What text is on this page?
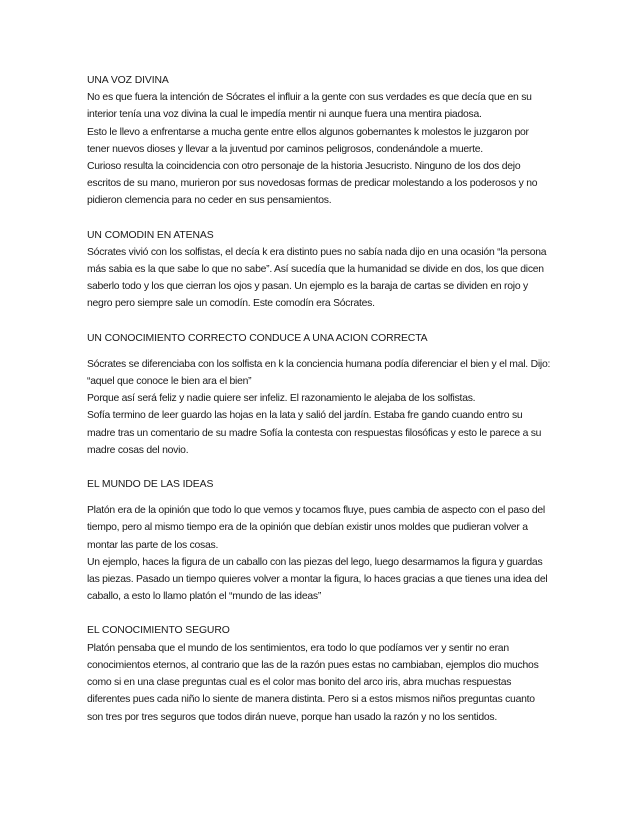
UNA VOZ DIVINA

No es que fuera la intención de Sócrates el influir a la gente con sus verdades es que decía que en su interior tenía una voz divina la cual le impedía mentir ni aunque fuera una mentira piadosa.

Esto le llevo a enfrentarse a mucha gente entre ellos algunos gobernantes k molestos le juzgaron por tener nuevos dioses y llevar a la juventud por caminos peligrosos, condenándole a muerte.

Curioso resulta la coincidencia con otro personaje de la historia Jesucristo. Ninguno de los dos dejo escritos de su mano, murieron por sus novedosas formas de predicar molestando a los poderosos y no pidieron clemencia para no ceder en sus pensamientos.

UN COMODIN EN ATENAS

Sócrates vivió con los solfistas, el decía k era distinto pues no sabía nada dijo en una ocasión “la persona más sabia es la que sabe lo que no sabe”. Así sucedía que la humanidad se divide en dos, los que dicen saberlo todo y los que cierran los ojos y pasan. Un ejemplo es la baraja de cartas se dividen en rojo y negro pero siempre sale un comodín. Este comodín era Sócrates.

UN CONOCIMIENTO CORRECTO CONDUCE A UNA ACION CORRECTA

Sócrates se diferenciaba con los solfista en k la conciencia humana podía diferenciar el bien y el mal. Dijo: “aquel que conoce le bien ara el bien”

Porque así será feliz y nadie quiere ser infeliz. El razonamiento le alejaba de los solfistas.

Sofía termino de leer guardo las hojas en la lata y salió del jardín. Estaba fre gando cuando entro su madre tras un comentario de su madre Sofía la contesta con respuestas filosóficas y esto le parece a su madre cosas del novio.

EL MUNDO DE LAS IDEAS

Platón era de la opinión que todo lo que vemos y tocamos fluye, pues cambia de aspecto con el paso del tiempo, pero al mismo tiempo era de la opinión que debían existir unos moldes que pudieran volver a montar las parte de los cosas.

Un ejemplo, haces la figura de un caballo con las piezas del lego, luego desarmamos la figura y guardas las piezas. Pasado un tiempo quieres volver a montar la figura, lo haces gracias a que tienes una idea del caballo, a esto lo llamo platón el “mundo de las ideas”

EL CONOCIMIENTO SEGURO

Platón pensaba que el mundo de los sentimientos, era todo lo que podíamos ver y sentir no eran conocimientos eternos, al contrario que las de la razón pues estas no cambiaban, ejemplos dio muchos como si en una clase preguntas cual es el color mas bonito del arco iris, abra muchas respuestas diferentes pues cada niño lo siente de manera distinta. Pero si a estos mismos niños preguntas cuanto son tres por tres seguros que todos dirán nueve, porque han usado la razón y no los sentidos.
